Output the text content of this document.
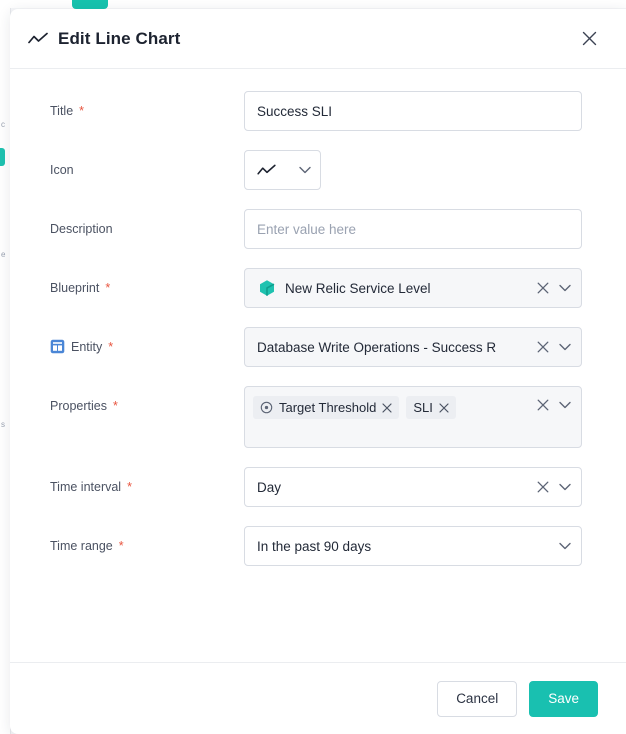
c
e
s
Edit Line Chart
Title *	Success SLI
Icon
Description	Enter value here
Blueprint *	New Relic Service Level
Entity *	Database Write Operations - Success R
Properties *	Target Threshold	SLI
Time interval *	Day
Time range *	In the past 90 days
Cancel	Save
